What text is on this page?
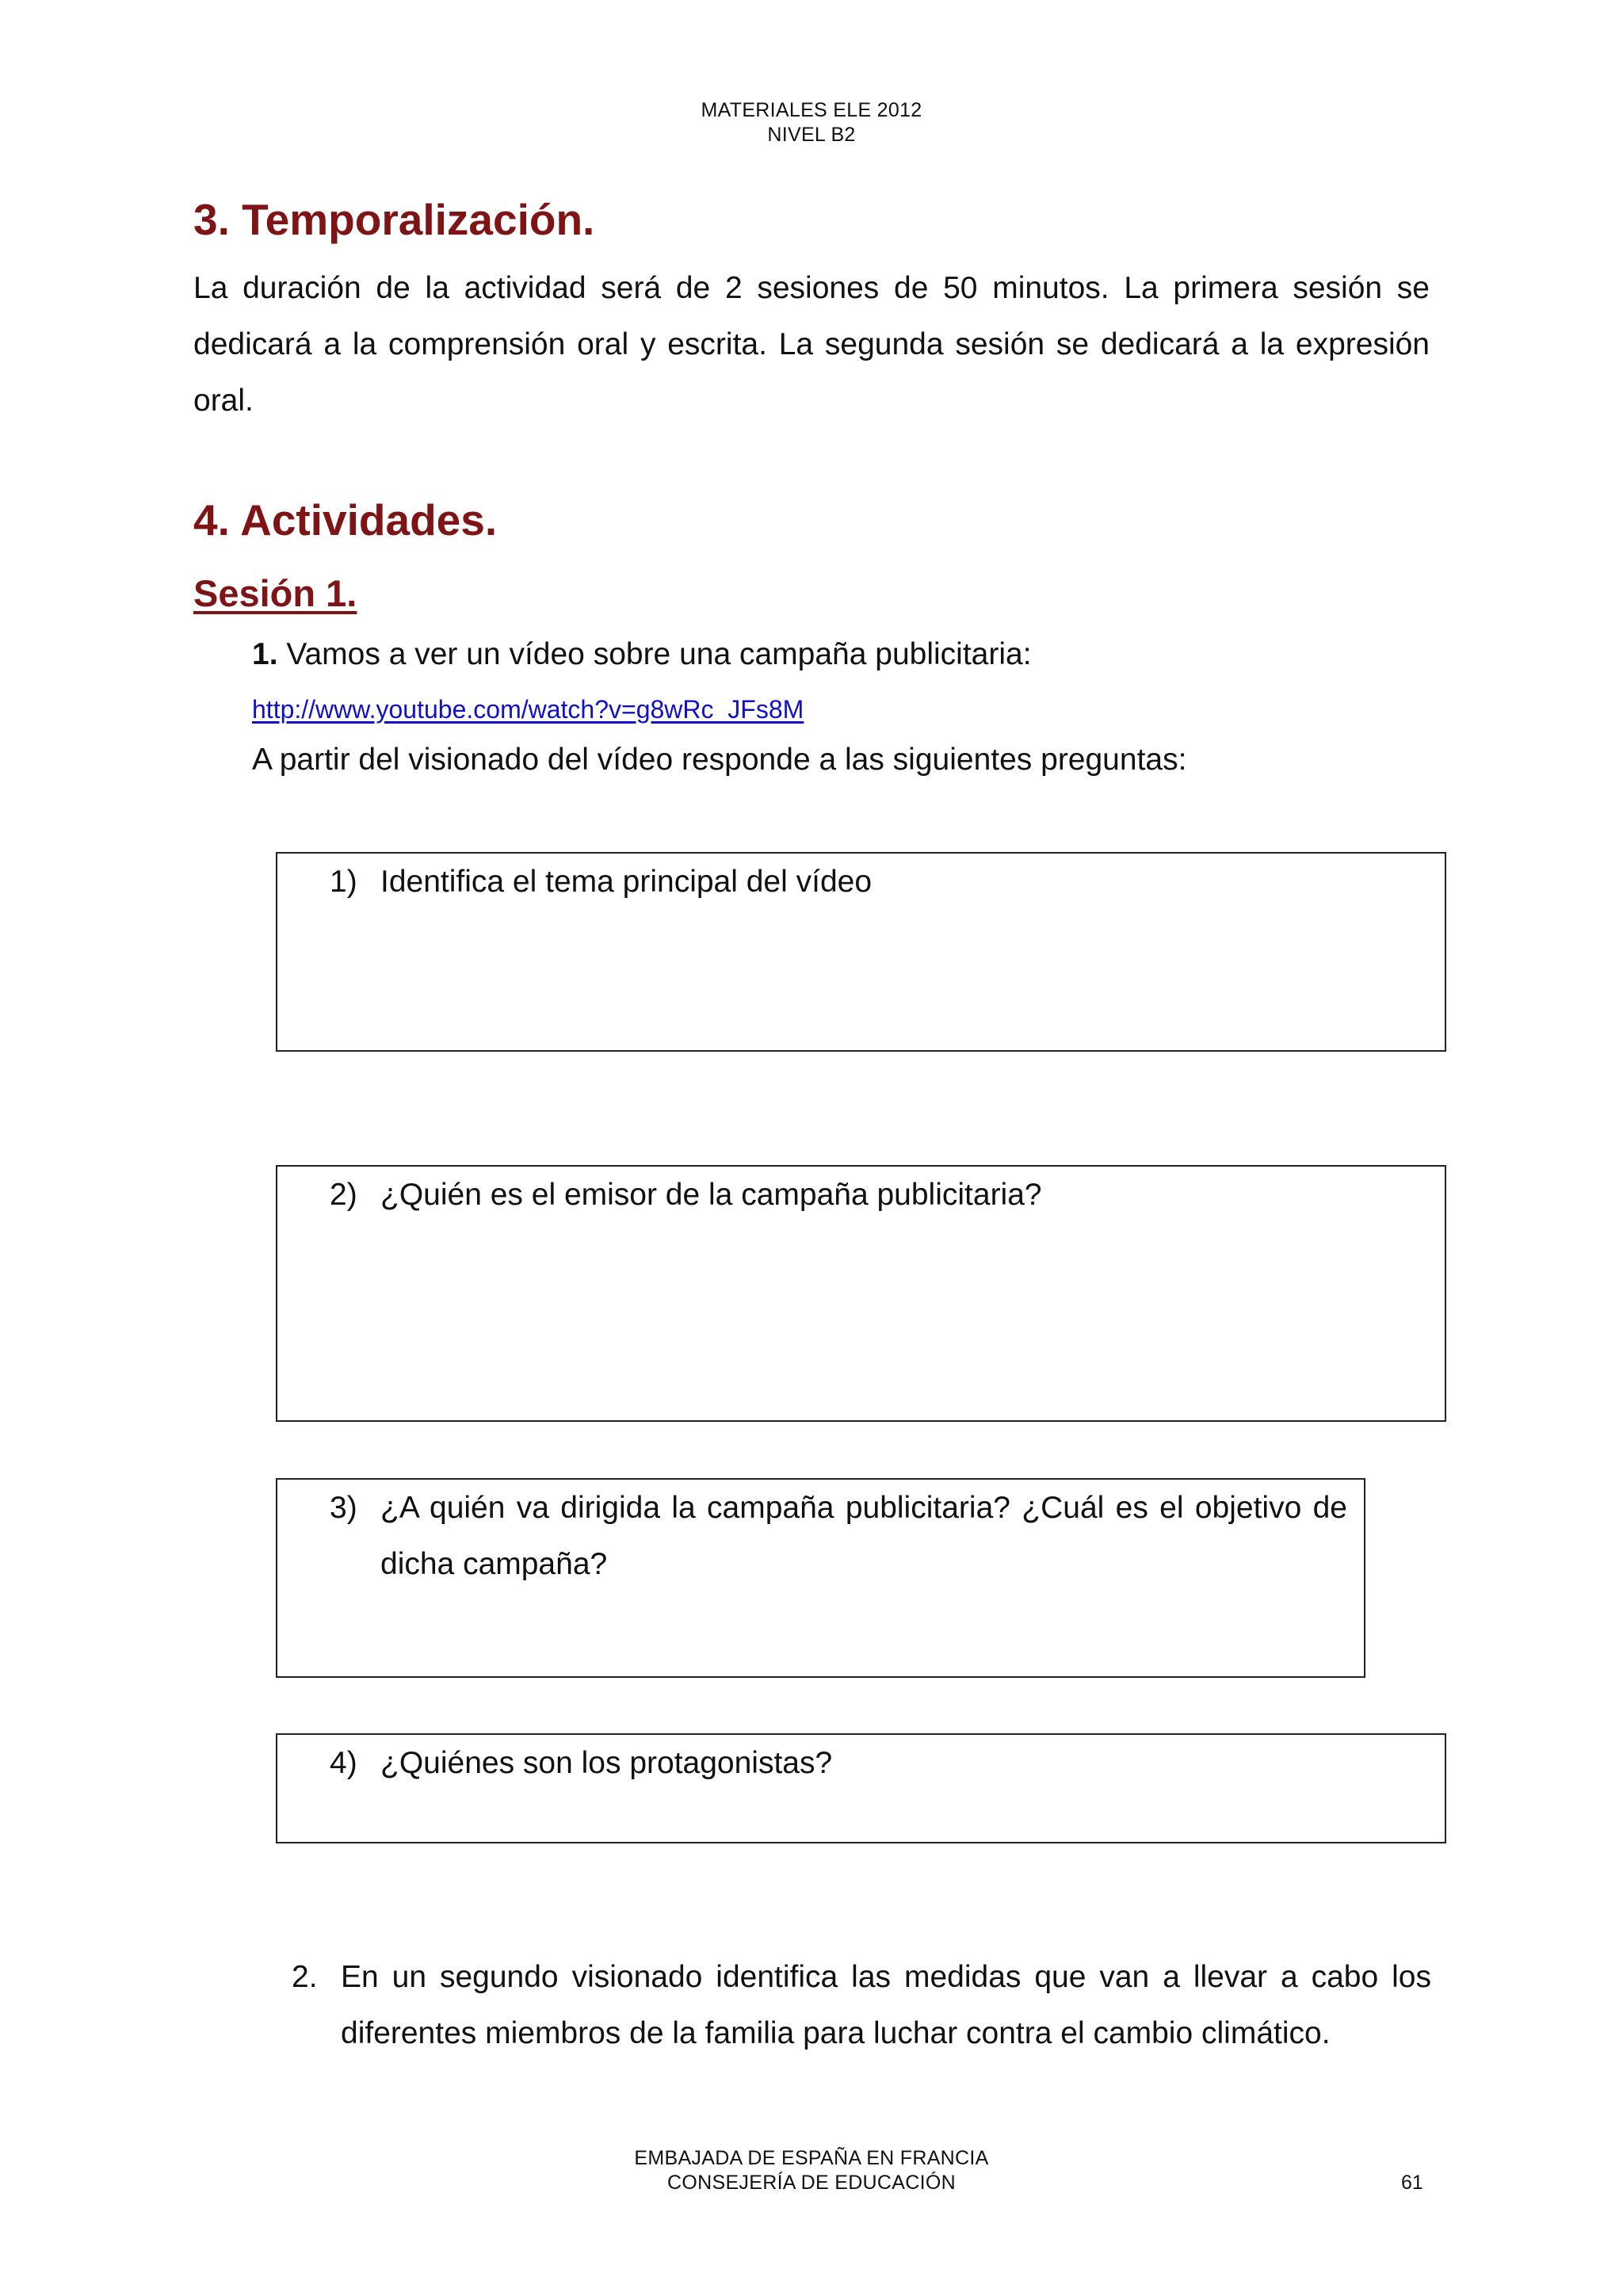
MATERIALES ELE 2012
NIVEL B2
3. Temporalización.
La duración de la actividad será de 2 sesiones de 50 minutos. La primera sesión se dedicará a la comprensión oral y escrita. La segunda sesión se dedicará a la expresión oral.
4. Actividades.
Sesión 1.
1. Vamos a ver un vídeo sobre una campaña publicitaria:
http://www.youtube.com/watch?v=g8wRc_JFs8M
A partir del visionado del vídeo responde a las siguientes preguntas:
1) Identifica el tema principal del vídeo
2) ¿Quién es el emisor de la campaña publicitaria?
3) ¿A quién va dirigida la campaña publicitaria? ¿Cuál es el objetivo de dicha campaña?
4) ¿Quiénes son los protagonistas?
2. En un segundo visionado identifica las medidas que van a llevar a cabo los diferentes miembros de la familia para luchar contra el cambio climático.
EMBAJADA DE ESPAÑA EN FRANCIA
CONSEJERÍA DE EDUCACIÓN	61
